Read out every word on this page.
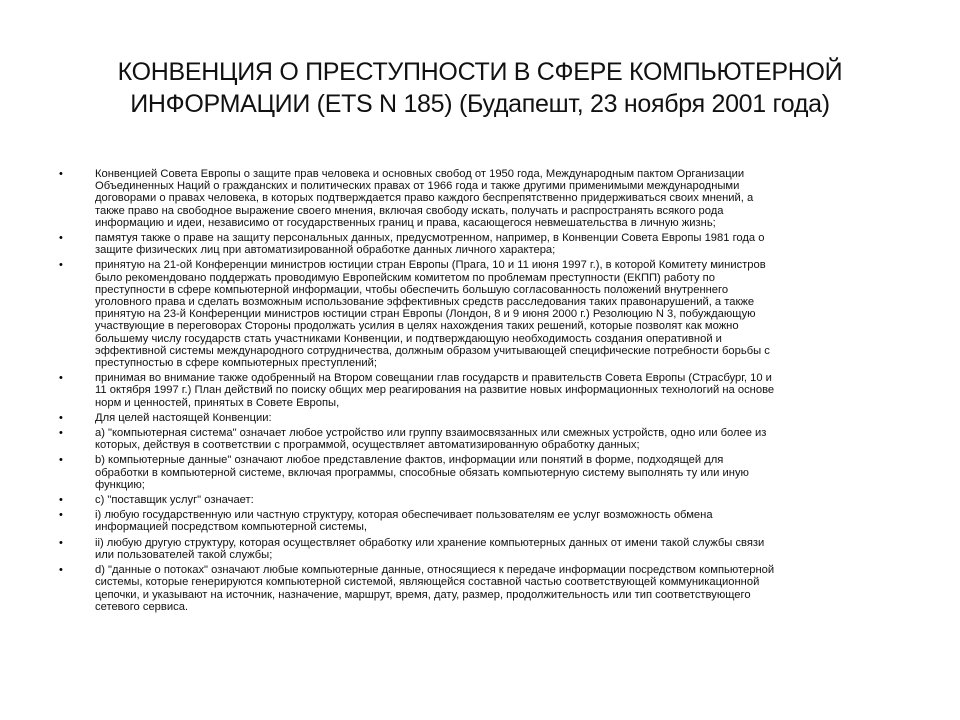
КОНВЕНЦИЯ О ПРЕСТУПНОСТИ В СФЕРЕ КОМПЬЮТЕРНОЙ
ИНФОРМАЦИИ (ETS N 185) (Будапешт, 23 ноября 2001 года)
•	Конвенцией Совета Европы о защите прав человека и основных свобод от 1950 года, Международным пактом Организации
Объединенных Наций о гражданских и политических правах от 1966 года и также другими применимыми международными
договорами о правах человека, в которых подтверждается право каждого беспрепятственно придерживаться своих мнений, а
также право на свободное выражение своего мнения, включая свободу искать, получать и распространять всякого рода
информацию и идеи, независимо от государственных границ и права, касающегося невмешательства в личную жизнь;
•	памятуя также о праве на защиту персональных данных, предусмотренном, например, в Конвенции Совета Европы 1981 года о
защите физических лиц при автоматизированной обработке данных личного характера;
•	принятую на 21-ой Конференции министров юстиции стран Европы (Прага, 10 и 11 июня 1997 г.), в которой Комитету министров
было рекомендовано поддержать проводимую Европейским комитетом по проблемам преступности (ЕКПП) работу по
преступности в сфере компьютерной информации, чтобы обеспечить большую согласованность положений внутреннего
уголовного права и сделать возможным использование эффективных средств расследования таких правонарушений, а также
принятую на 23-й Конференции министров юстиции стран Европы (Лондон, 8 и 9 июня 2000 г.) Резолюцию N 3, побуждающую
участвующие в переговорах Стороны продолжать усилия в целях нахождения таких решений, которые позволят как можно
большему числу государств стать участниками Конвенции, и подтверждающую необходимость создания оперативной и
эффективной системы международного сотрудничества, должным образом учитывающей специфические потребности борьбы с
преступностью в сфере компьютерных преступлений;
•	принимая во внимание также одобренный на Втором совещании глав государств и правительств Совета Европы (Страсбург, 10 и
11 октября 1997 г.) План действий по поиску общих мер реагирования на развитие новых информационных технологий на основе
норм и ценностей, принятых в Совете Европы,
•	Для целей настоящей Конвенции:
•	a) "компьютерная система" означает любое устройство или группу взаимосвязанных или смежных устройств, одно или более из
которых, действуя в соответствии с программой, осуществляет автоматизированную обработку данных;
•	b) компьютерные данные" означают любое представление фактов, информации или понятий в форме, подходящей для
обработки в компьютерной системе, включая программы, способные обязать компьютерную систему выполнять ту или иную
функцию;
•	c) "поставщик услуг" означает:
•	i) любую государственную или частную структуру, которая обеспечивает пользователям ее услуг возможность обмена
информацией посредством компьютерной системы,
•	ii) любую другую структуру, которая осуществляет обработку или хранение компьютерных данных от имени такой службы связи
или пользователей такой службы;
•	d) "данные о потоках" означают любые компьютерные данные, относящиеся к передаче информации посредством компьютерной
системы, которые генерируются компьютерной системой, являющейся составной частью соответствующей коммуникационной
цепочки, и указывают на источник, назначение, маршрут, время, дату, размер, продолжительность или тип соответствующего
сетевого сервиса.
